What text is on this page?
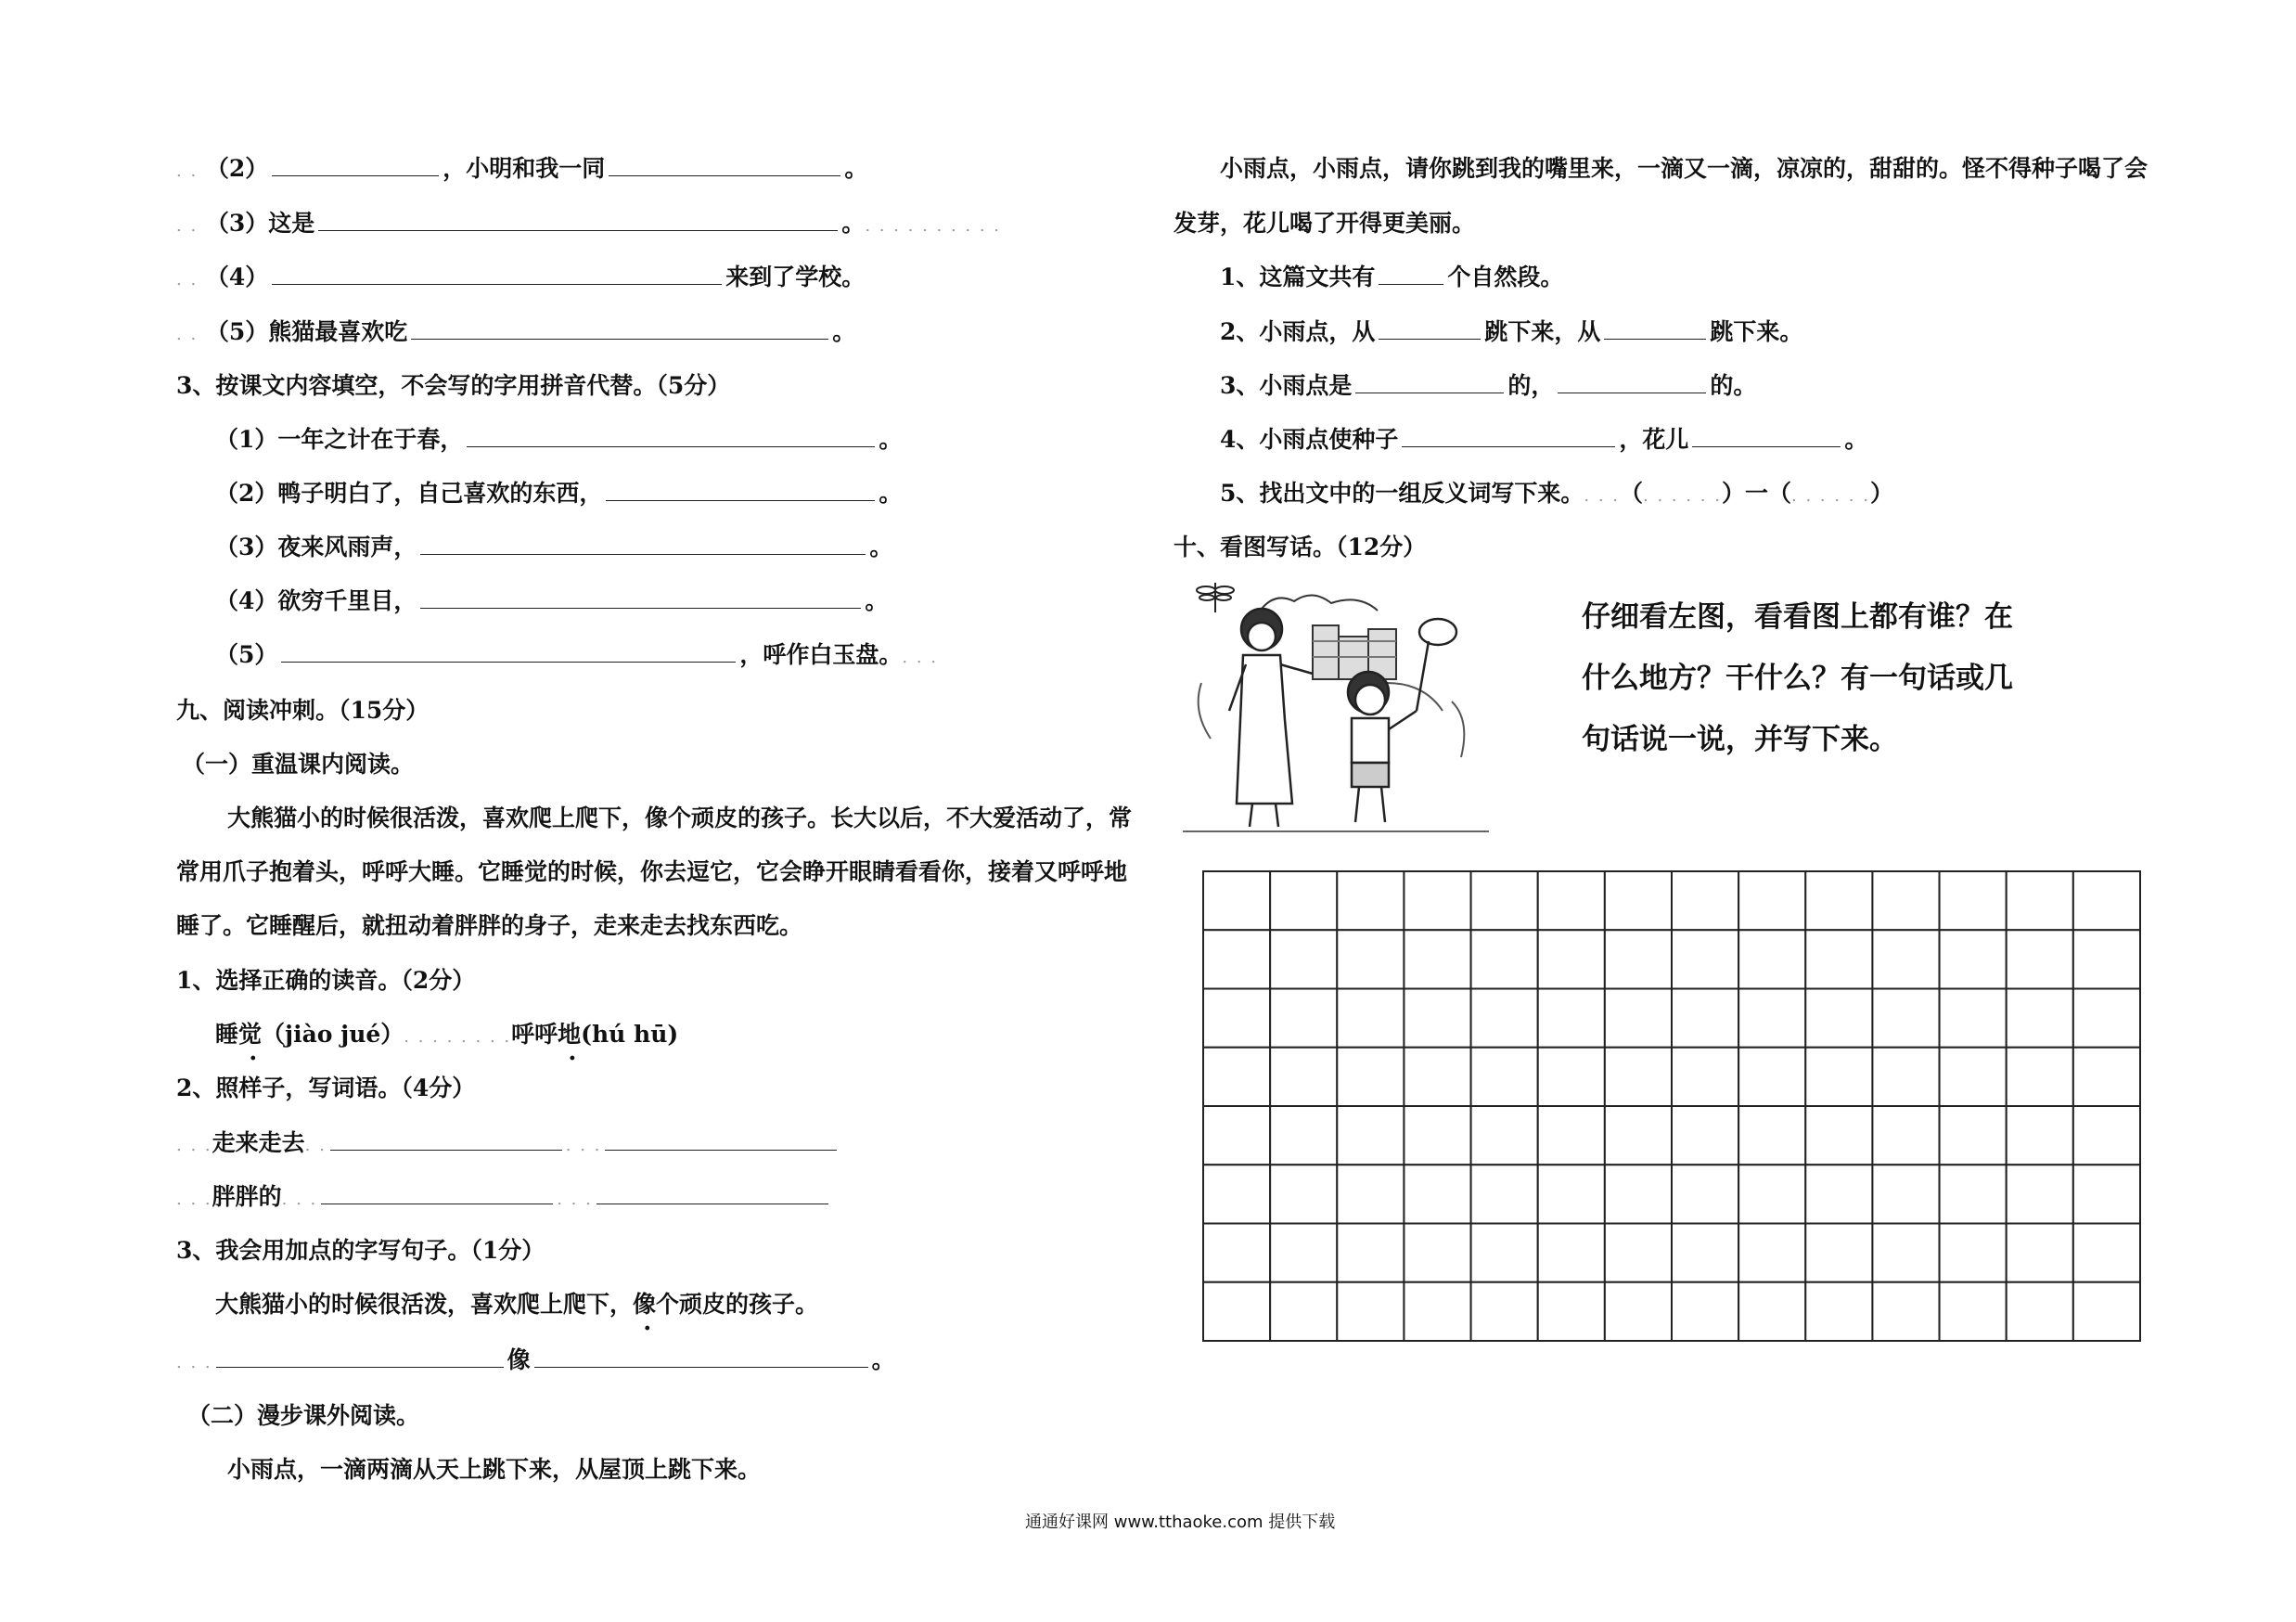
. . （2）	，小明和我一同	。
. . （3）这是	。. . . . . . . . . .
. . （4）	来到了学校。
. . （5）熊猫最喜欢吃	。
3、按课文内容填空，不会写的字用拼音代替。（5分）
（1）一年之计在于春，	。
（2）鸭子明白了，自己喜欢的东西，	。
（3）夜来风雨声，	。
（4）欲穷千里目，	。
（5）	，呼作白玉盘。. . .
九、阅读冲刺。（15分）
（一）重温课内阅读。
大熊猫小的时候很活泼，喜欢爬上爬下，像个顽皮的孩子。长大以后，不大爱活动了，常
常用爪子抱着头，呼呼大睡。它睡觉的时候，你去逗它，它会睁开眼睛看看你，接着又呼呼地
睡了。它睡醒后，就扭动着胖胖的身子，走来走去找东西吃。
1、选择正确的读音。（2分）
睡觉（jiào jué）. . . . . . . .呼呼地(hú hū)
2、照样子，写词语。（4分）
. . .走来走去. .	. . .
. . .胖胖的. . .	. . .
3、我会用加点的字写句子。（1分）
大熊猫小的时候很活泼，喜欢爬上爬下，像个顽皮的孩子。
. . .	像	。
（二）漫步课外阅读。
小雨点，一滴两滴从天上跳下来，从屋顶上跳下来。
小雨点，小雨点，请你跳到我的嘴里来，一滴又一滴，凉凉的，甜甜的。怪不得种子喝了会
发芽，花儿喝了开得更美丽。
1、这篇文共有	个自然段。
2、小雨点，从	跳下来，从	跳下来。
3、小雨点是	的，	的。
4、小雨点使种子	，花儿	。
5、找出文中的一组反义词写下来。. . .（. . . . . .）一（. . . . . .）
十、看图写话。（12分）
仔细看左图，看看图上都有谁？在什么地方？干什么？有一句话或几句话说一说，并写下来。
通通好课网 www.tthaoke.com 提供下载
